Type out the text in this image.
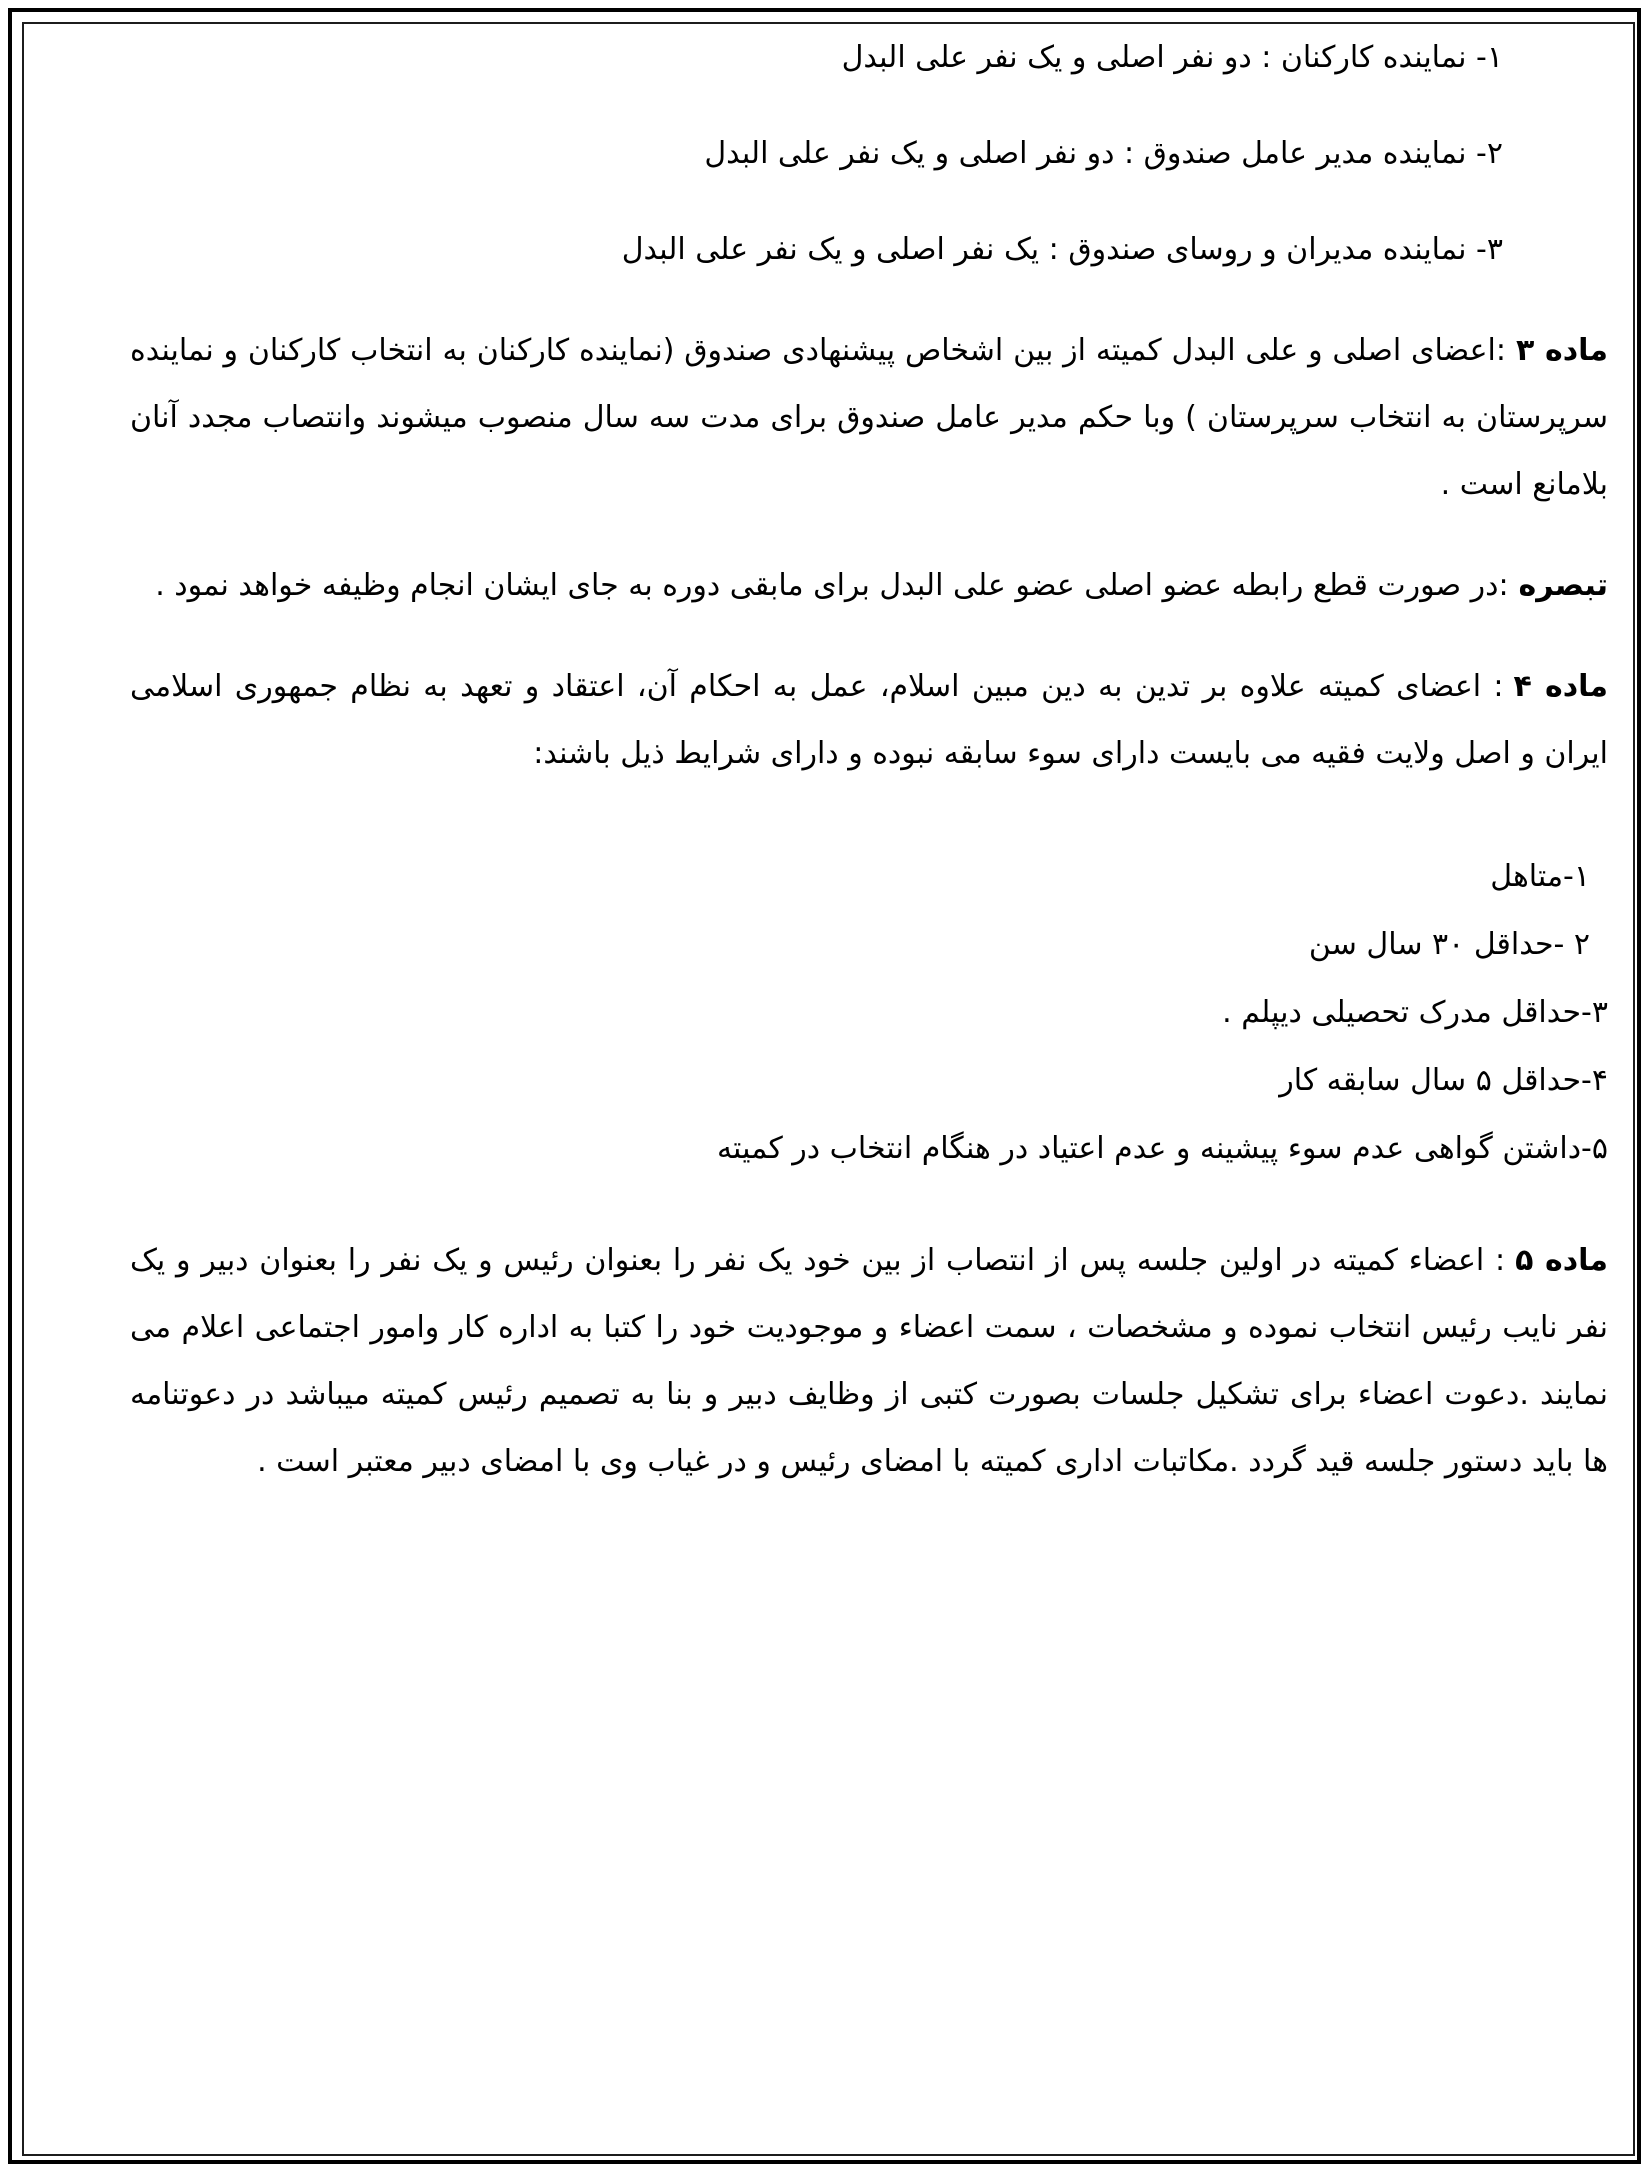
۱- نماینده کارکنان : دو نفر اصلی و یک نفر علی البدل

۲- نماینده مدیر عامل صندوق : دو نفر اصلی و یک نفر علی البدل

۳- نماینده مدیران و روسای صندوق : یک نفر اصلی و یک نفر علی البدل

ماده ۳:اعضای اصلی و علی البدل کمیته از بین اشخاص پیشنهادی صندوق (نماینده کارکنان به انتخاب کارکنان و نماینده سرپرستان به انتخاب سرپرستان ) وبا حکم مدیر عامل صندوق برای مدت سه سال منصوب میشوند وانتصاب مجدد آنان بلامانع است .

تبصره:در صورت قطع رابطه عضو اصلی عضو علی البدل برای مابقی دوره به جای ایشان انجام وظیفه خواهد نمود .

ماده ۴: اعضای کمیته علاوه بر تدین به دین مبین اسلام، عمل به احکام آن، اعتقاد و تعهد به نظام جمهوری اسلامی ایران و اصل ولایت فقیه می بایست دارای سوء سابقه نبوده و دارای شرایط ذیل باشند:

۱-متاهل

۲ -حداقل ۳۰ سال سن

۳-حداقل مدرک تحصیلی دیپلم .

۴-حداقل ۵ سال سابقه کار

۵-داشتن گواهی عدم سوء پیشینه و عدم اعتیاد در هنگام انتخاب در کمیته

ماده ۵: اعضاء کمیته در اولین جلسه پس از انتصاب از بین خود یک نفر را بعنوان رئیس و یک نفر را بعنوان دبیر و یک نفر نایب رئیس انتخاب نموده و مشخصات ، سمت اعضاء و موجودیت خود را کتبا به اداره کار وامور اجتماعی اعلام می نمایند .دعوت اعضاء برای تشکیل جلسات بصورت کتبی از وظایف دبیر و بنا به تصمیم رئیس کمیته میباشد در دعوتنامه ها باید دستور جلسه قید گردد .مکاتبات اداری کمیته با امضای رئیس و در غیاب وی با امضای دبیر معتبر است .
